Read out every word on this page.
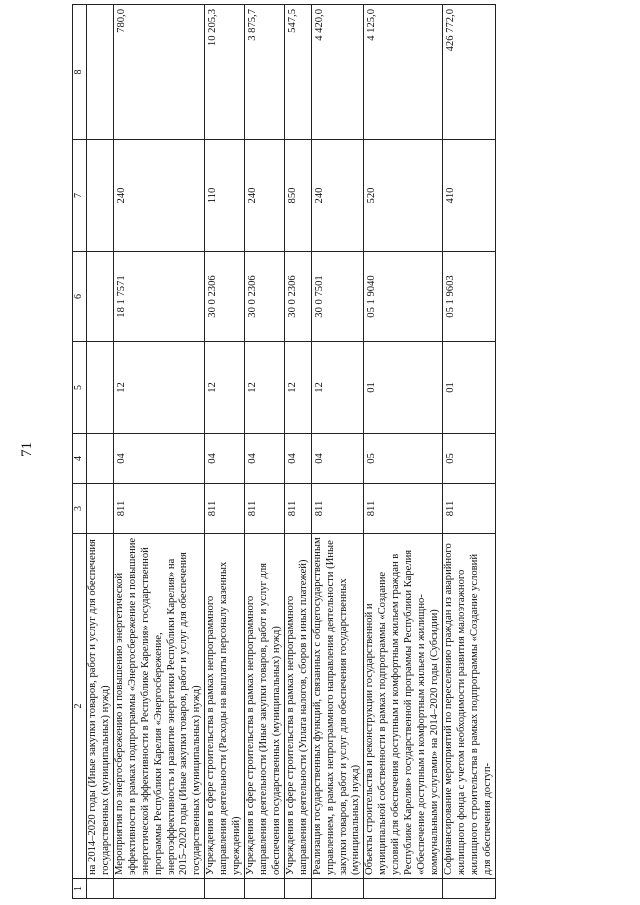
71
1	2	3	4	5	6	7	8
	на 2014–2020 годы (Иные закупки товаров, работ и услуг для обеспечения государственных (муниципальных) нужд)						
	Мероприятия по энергосбережению и повышению энергетической эффективности в рамках подпрограммы «Энергосбережение и повышение энергетической эффективности в Республике Карелия» государственной программы Республики Карелия «Энергосбережение, энергоэффективность и развитие энергетики Республики Карелия» на 2015–2020 годы (Иные закупки товаров, работ и услуг для обеспечения государственных (муниципальных) нужд)	811	04	12	18 1 7571	240	780,0
	Учреждения в сфере строительства в рамках непрограммного направления деятельности (Расходы на выплаты персоналу казенных учреждений)	811	04	12	30 0 2306	110	10 205,3
	Учреждения в сфере строительства в рамках непрограммного направления деятельности (Иные закупки товаров, работ и услуг для обеспечения государственных (муниципальных) нужд)	811	04	12	30 0 2306	240	3 875,7
	Учреждения в сфере строительства в рамках непрограммного направления деятельности (Уплата налогов, сборов и иных платежей)	811	04	12	30 0 2306	850	547,5
	Реализация государственных функций, связанных с общегосударственным управлением, в рамках непрограммного направления деятельности (Иные закупки товаров, работ и услуг для обеспечения государственных (муниципальных) нужд)	811	04	12	30 0 7501	240	4 420,0
	Объекты строительства и реконструкции государственной и муниципальной собственности в рамках подпрограммы «Создание условий для обеспечения доступным и комфортным жильем граждан в Республике Карелия» государственной программы Республики Карелия «Обеспечение доступным и комфортным жильем и жилищно-коммунальными услугами» на 2014–2020 годы (Субсидии)	811	05	01	05 1 9040	520	4 125,0
	Софинансирование мероприятий по переселению граждан из аварийного жилищного фонда с учетом необходимости развития малоэтажного жилищного строительства в рамках подпрограммы «Создание условий для обеспечения доступ-	811	05	01	05 1 9603	410	426 772,0
